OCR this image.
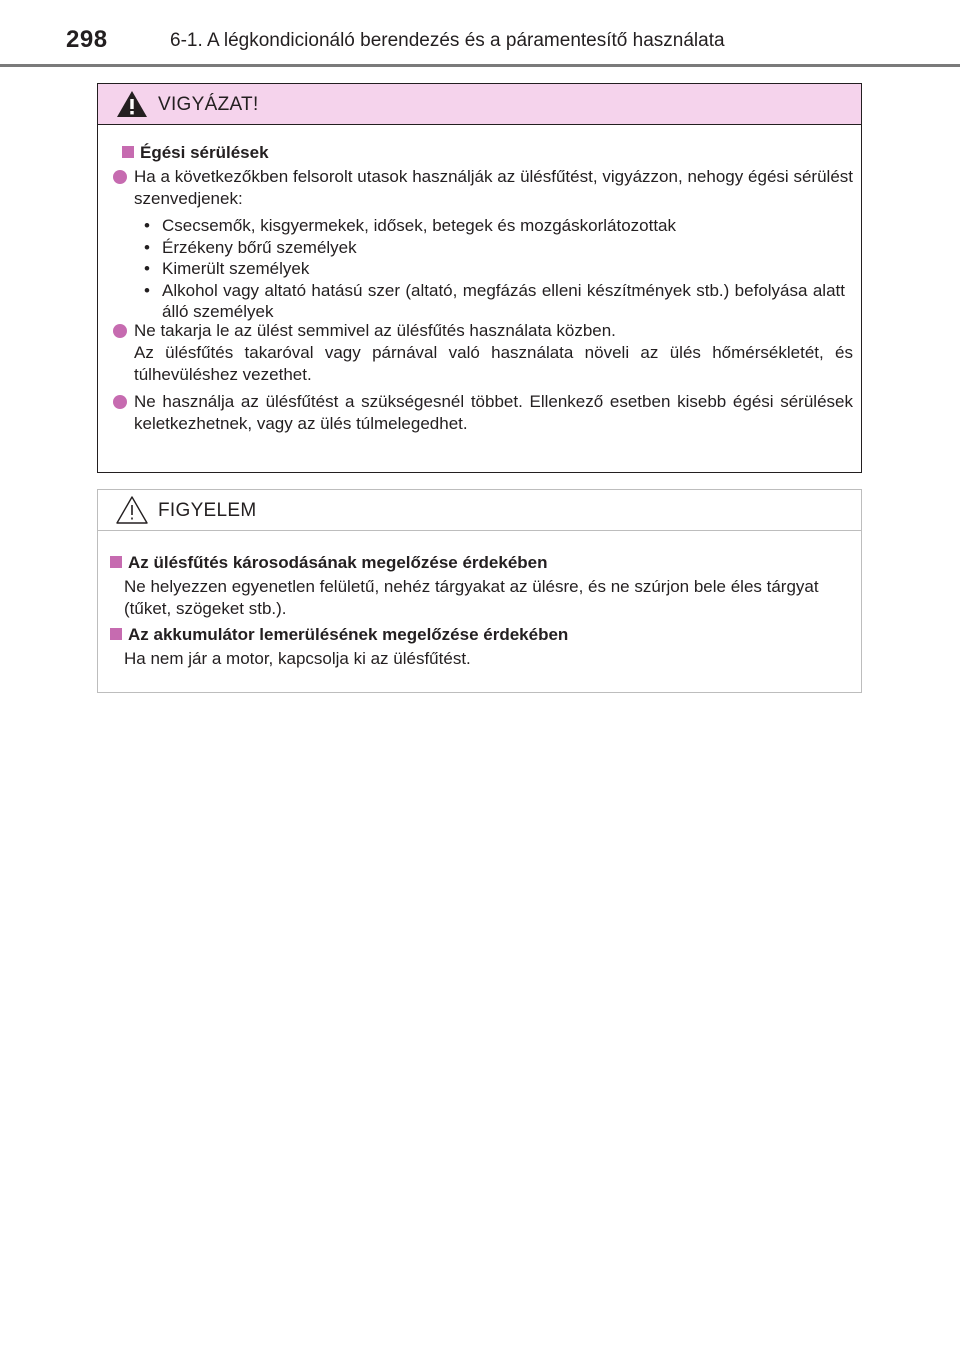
298	6-1. A légkondicionáló berendezés és a páramentesítő használata
VIGYÁZAT!
Égési sérülések
Ha a következőkben felsorolt utasok használják az ülésfűtést, vigyázzon, nehogy égési sérülést szenvedjenek:
• Csecsemők, kisgyermekek, idősek, betegek és mozgáskorlátozottak
• Érzékeny bőrű személyek
• Kimerült személyek
• Alkohol vagy altató hatású szer (altató, megfázás elleni készítmények stb.) befolyása alatt álló személyek
Ne takarja le az ülést semmivel az ülésfűtés használata közben.
Az ülésfűtés takaróval vagy párnával való használata növeli az ülés hőmérsékletét, és túlhevüléshez vezethet.
Ne használja az ülésfűtést a szükségesnél többet. Ellenkező esetben kisebb égési sérülések keletkezhetnek, vagy az ülés túlmelegedhet.
FIGYELEM
Az ülésfűtés károsodásának megelőzése érdekében
Ne helyezzen egyenetlen felületű, nehéz tárgyakat az ülésre, és ne szúrjon bele éles tárgyat (tűket, szögeket stb.).
Az akkumulátor lemerülésének megelőzése érdekében
Ha nem jár a motor, kapcsolja ki az ülésfűtést.
